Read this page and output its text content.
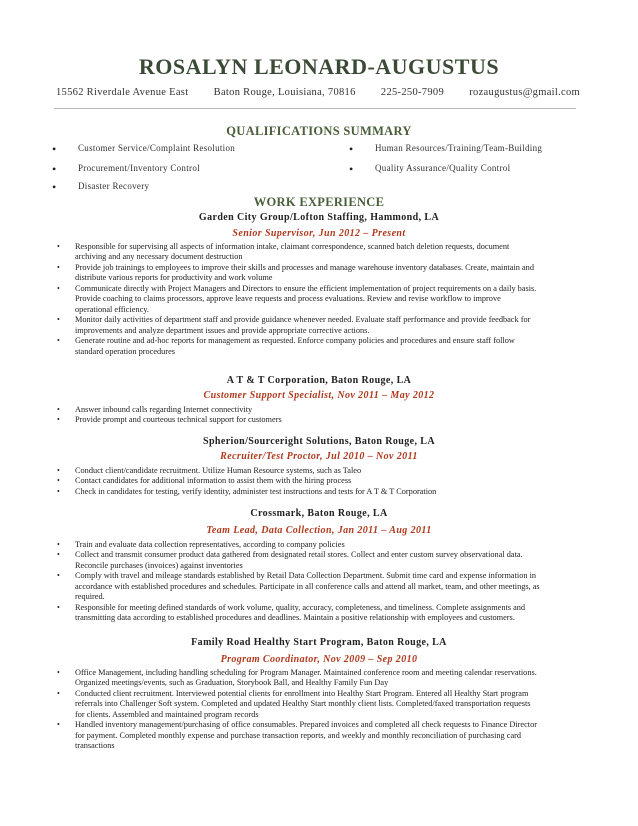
ROSALYN LEONARD-AUGUSTUS
15562 Riverdale Avenue East Baton Rouge, Louisiana, 70816 225-250-7909 rozaugustus@gmail.com
QUALIFICATIONS SUMMARY
• Customer Service/Complaint Resolution
• Procurement/Inventory Control
• Disaster Recovery
• Human Resources/Training/Team-Building
• Quality Assurance/Quality Control
WORK EXPERIENCE
Garden City Group/Lofton Staffing, Hammond, LA
Senior Supervisor, Jun 2012 – Present
• Responsible for supervising all aspects of information intake, claimant correspondence, scanned batch deletion requests, document
archiving and any necessary document destruction
• Provide job trainings to employees to improve their skills and processes and manage warehouse inventory databases. Create, maintain and
distribute various reports for productivity and work volume
• Communicate directly with Project Managers and Directors to ensure the efficient implementation of project requirements on a daily basis.
Provide coaching to claims processors, approve leave requests and process evaluations. Review and revise workflow to improve
operational efficiency.
• Monitor daily activities of department staff and provide guidance whenever needed. Evaluate staff performance and provide feedback for
improvements and analyze department issues and provide appropriate corrective actions.
• Generate routine and ad-hoc reports for management as requested. Enforce company policies and procedures and ensure staff follow
standard operation procedures
A T & T Corporation, Baton Rouge, LA
Customer Support Specialist, Nov 2011 – May 2012
• Answer inbound calls regarding Internet connectivity
• Provide prompt and courteous technical support for customers
Spherion/Sourceright Solutions, Baton Rouge, LA
Recruiter/Test Proctor, Jul 2010 – Nov 2011
• Conduct client/candidate recruitment. Utilize Human Resource systems, such as Taleo
• Contact candidates for additional information to assist them with the hiring process
• Check in candidates for testing, verify identity, administer test instructions and tests for A T & T Corporation
Crossmark, Baton Rouge, LA
Team Lead, Data Collection, Jan 2011 – Aug 2011
• Train and evaluate data collection representatives, according to company policies
• Collect and transmit consumer product data gathered from designated retail stores. Collect and enter custom survey observational data.
Reconcile purchases (invoices) against inventories
• Comply with travel and mileage standards established by Retail Data Collection Department. Submit time card and expense information in
accordance with established procedures and schedules. Participate in all conference calls and attend all market, team, and other meetings, as
required.
• Responsible for meeting defined standards of work volume, quality, accuracy, completeness, and timeliness. Complete assignments and
transmitting data according to established procedures and deadlines. Maintain a positive relationship with employees and customers.
Family Road Healthy Start Program, Baton Rouge, LA
Program Coordinator, Nov 2009 – Sep 2010
• Office Management, including handling scheduling for Program Manager. Maintained conference room and meeting calendar reservations.
Organized meetings/events, such as Graduation, Storybook Ball, and Healthy Family Fun Day
• Conducted client recruitment. Interviewed potential clients for enrollment into Healthy Start Program. Entered all Healthy Start program
referrals into Challenger Soft system. Completed and updated Healthy Start monthly client lists. Completed/faxed transportation requests
for clients. Assembled and maintained program records
• Handled inventory management/purchasing of office consumables. Prepared invoices and completed all check requests to Finance Director
for payment. Completed monthly expense and purchase transaction reports, and weekly and monthly reconciliation of purchasing card
transactions
